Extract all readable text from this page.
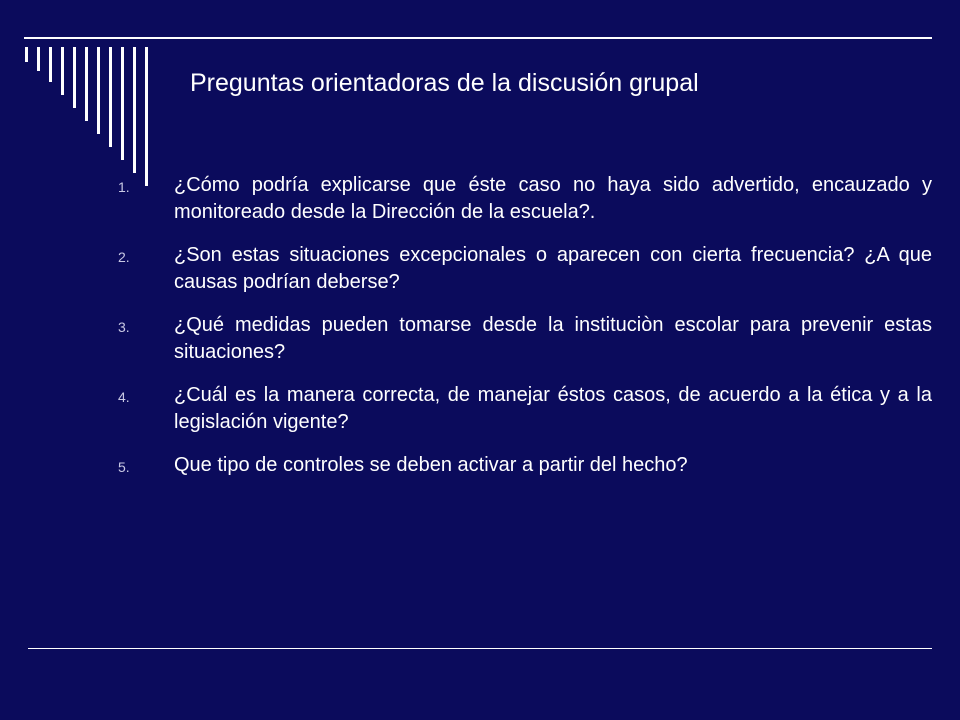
Preguntas orientadoras de la discusión grupal
1. ¿Cómo podría explicarse que éste caso no haya sido advertido, encauzado y monitoreado desde la Dirección de la escuela?.
2. ¿Son estas situaciones excepcionales o aparecen con cierta frecuencia? ¿A que causas podrían deberse?
3. ¿Qué medidas pueden tomarse desde la instituciòn escolar para prevenir estas situaciones?
4. ¿Cuál es la manera correcta, de manejar éstos casos, de acuerdo a la ética y a la legislación vigente?
5. Que tipo de controles se deben activar a partir del hecho?
